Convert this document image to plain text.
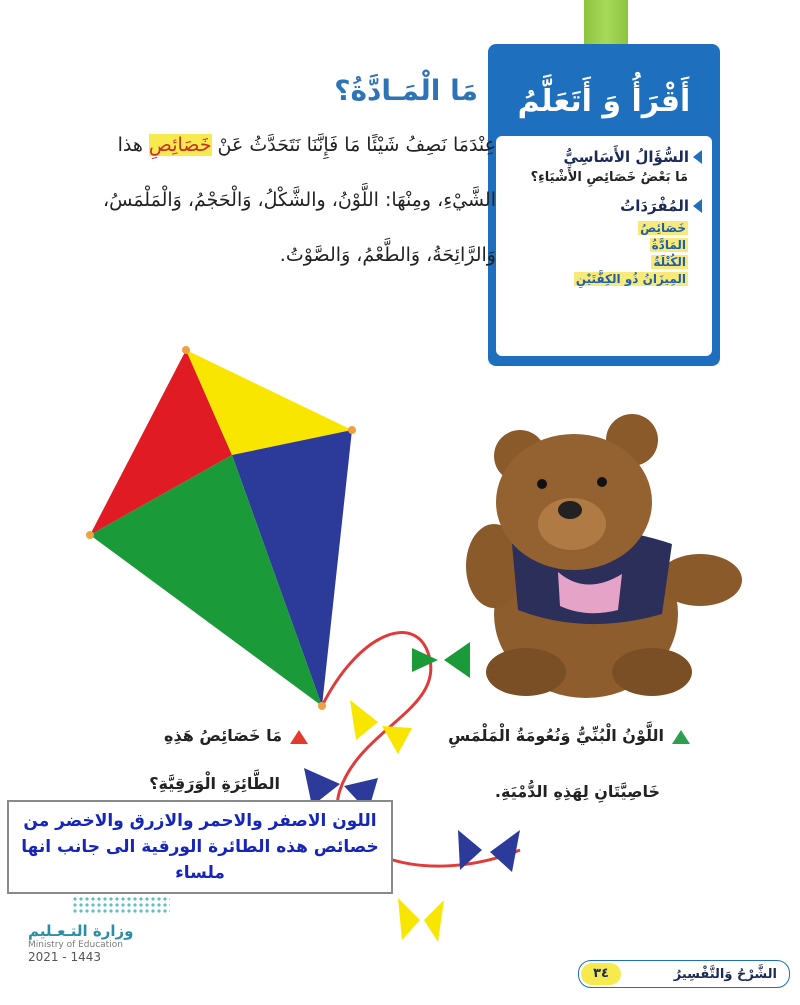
أَقْرَأُ وَ أَتَعَلَّمُ
السُّؤَالُ الأَسَاسِيُّ
مَا بَعْضُ خَصَائِصِ الأَشْيَاءِ؟
المُفْرَدَاتُ
خَصَائِصُ
المَادَّةُ
الكُتْلَةُ
المِيزَانُ ذُو الكِفَّتَيْنِ
مَا الْمَـادَّةُ؟
عِنْدَمَا نَصِفُ شَيْئًا مَا فَإِنَّنَا نَتَحَدَّثُ عَنْ خَصَائِصِ هذا الشَّيْءِ، ومِنْهَا: اللَّوْنُ، والشَّكْلُ، وَالْحَجْمُ، وَالْمَلْمَسُ، وَالرَّائِحَةُ، وَالطَّعْمُ، وَالصَّوْتُ.
اللَّوْنُ الْبُنِّيُّ وَنُعُومَةُ الْمَلْمَسِ
خَاصِيَّتَانِ لِهَذِهِ الدُّمْيَةِ.
مَا خَصَائِصُ هَذِهِ
الطَّائِرَةِ الْوَرَقِيَّةِ؟
اللون الاصفر والاحمر والازرق والاخضر من خصائص هذه الطائرة الورقية الى جانب انها ملساء
وزارة التـعـليم
Ministry of Education
2021 - 1443
الشَّرْحُ وَالتَّفْسِيرُ
٣٤
